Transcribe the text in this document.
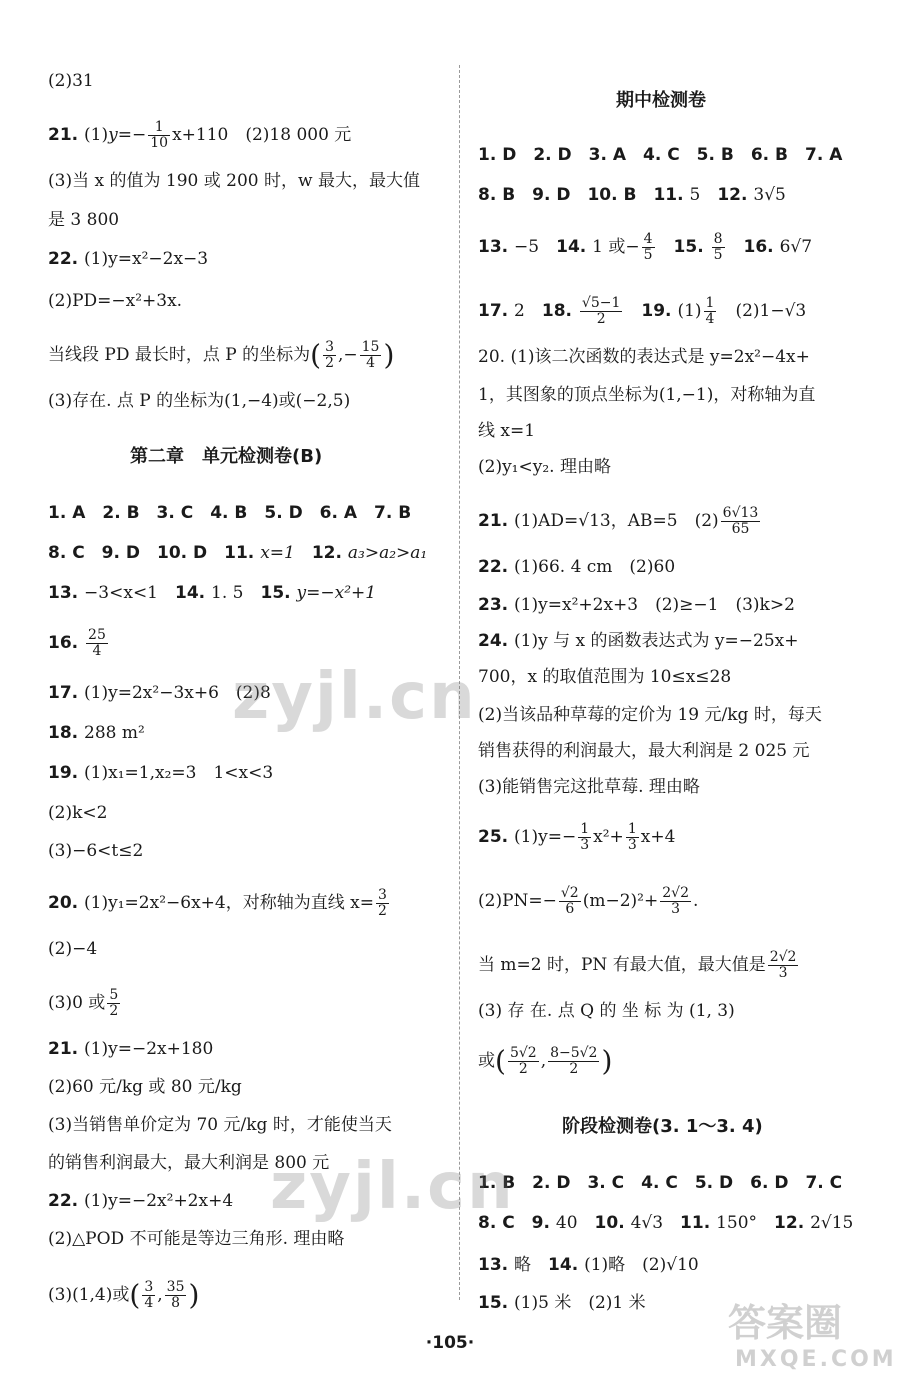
(2)31
21. $(1)y=- \frac{1}{10} x+110$　(2)18 000 元
(3)当 x 的值为 190 或 200 时，w 最大，最大值
是 3 800
22. (1)y=x²−2x−3
(2)PD=−x²+3x.
当线段 PD 最长时，点 P 的坐标为( $\frac{3}{2}$ ,− $\frac{15}{4}$ )
(3)存在. 点 P 的坐标为(1,−4)或(−2,5)
第二章　单元检测卷(B)
1. A　2. B　3. C　4. B　5. D　6. A　7. B
8. C　9. D　10. D　11. x=1　 12. a₃>a₂>a₁
13. −3<x<1　 14. 1. 5　 15. y=−x²+1
16. $\frac{25}{4}$
17. (1)y=2x²−3x+6　(2)8
18. 288 m²
19. (1)x₁=1,x₂=3　1<x<3
(2)k<2
(3)−6<t≤2
20. (1)y₁=2x²−6x+4，对称轴为直线 $x= \frac{3}{2}$
(2)−4
(3)0 或 $\frac{5}{2}$
21. (1)y=−2x+180
(2)60 元/kg 或 80 元/kg
(3)当销售单价定为 70 元/kg 时，才能使当天
的销售利润最大，最大利润是 800 元
22. (1)y=−2x²+2x+4
(2)△POD 不可能是等边三角形. 理由略
(3)(1,4)或( $\frac{3}{4}$ , $\frac{35}{8}$ )
期中检测卷
1. D　2. D　3. A　4. C　5. B　6. B　7. A
8. B　9. D　10. B　11. 5　 12. 3√5
13. −5　 14. 1 或− $\frac{4}{5}$
　 15. $\frac{8}{5}$
　 16. 6√7
17. 2　 18. $\frac{√5-1}{2}$
　 19. $(1) \frac{1}{4}$
　 (2)1−√3
20. (1)该二次函数的表达式是 y=2x²−4x+
1，其图象的顶点坐标为(1,−1)，对称轴为直
线 x=1
(2)y₁<y₂. 理由略
21. (1)AD=√13，AB=5　$(2) \frac{6√13}{65}$
22. (1)66. 4 cm　(2)60
23. (1)y=x²+2x+3　(2)≥−1　(3)k>2
24. (1)y 与 x 的函数表达式为 y=−25x+
700，x 的取值范围为 10≤x≤28
(2)当该品种草莓的定价为 19 元/kg 时，每天
销售获得的利润最大，最大利润是 2 025 元
(3)能销售完这批草莓. 理由略
25. $(1)y=- \frac{1}{3} x^2+ \frac{1}{3} x+4$
$(2)PN=- \frac{√2}{6} (m-2)^2+ \frac{2√2}{3}$ .
当 m=2 时，PN 有最大值，最大值是 $\frac{2√2}{3}$
(3) 存 在. 点 Q 的 坐 标 为 (1, 3)
或( $\frac{5√2}{2}$ , $\frac{8-5√2}{2}$ )
阶段检测卷(3. 1～3. 4)
1. B　2. D　3. C　4. C　5. D　6. D　7. C
8. C　9. 40　 10. 4√3　 11. 150°　 12. 2√15
13. 略　 14. (1)略　(2)√10
15. (1)5 米　(2)1 米
zyjl.cn
zyjl.cn
答案圈
MXQE.COM
·105·
